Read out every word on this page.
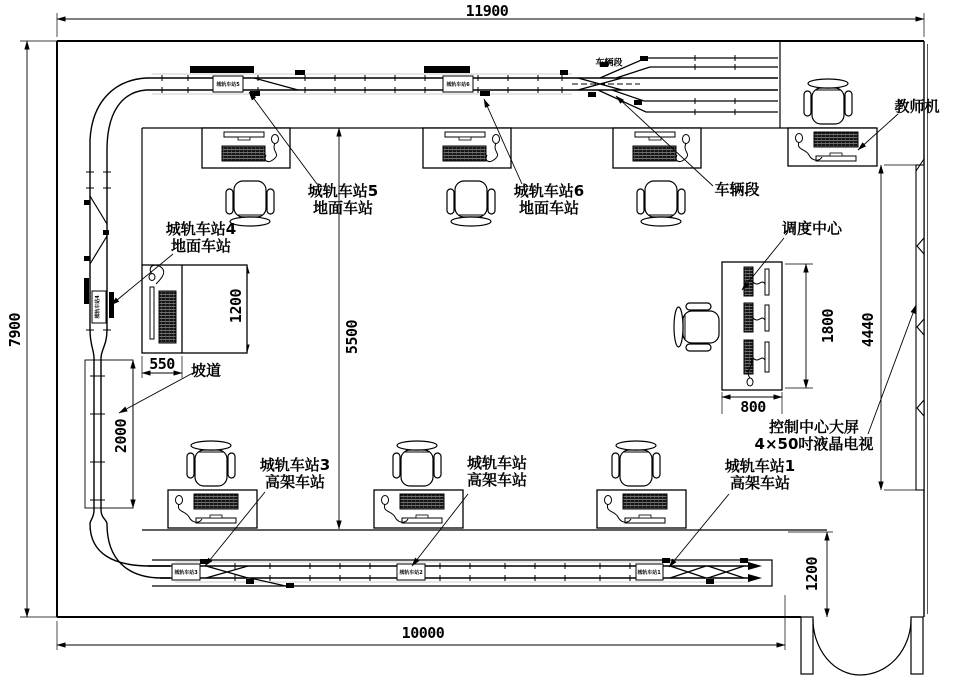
城轨车站5	城轨车站6
城轨车站4
城轨车站3	城轨车站2	城轨车站1
11900
7900
10000
5500
2000
550
1200
800
1800 4440
1200
教师机
车辆段
车辆段
调度中心
坡道
城轨车站5
地面车站
城轨车站6
地面车站
城轨车站4
地面车站
城轨车站3
高架车站
城轨车站
高架车站
城轨车站1
高架车站
控制中心大屏
4×50吋液晶电视
